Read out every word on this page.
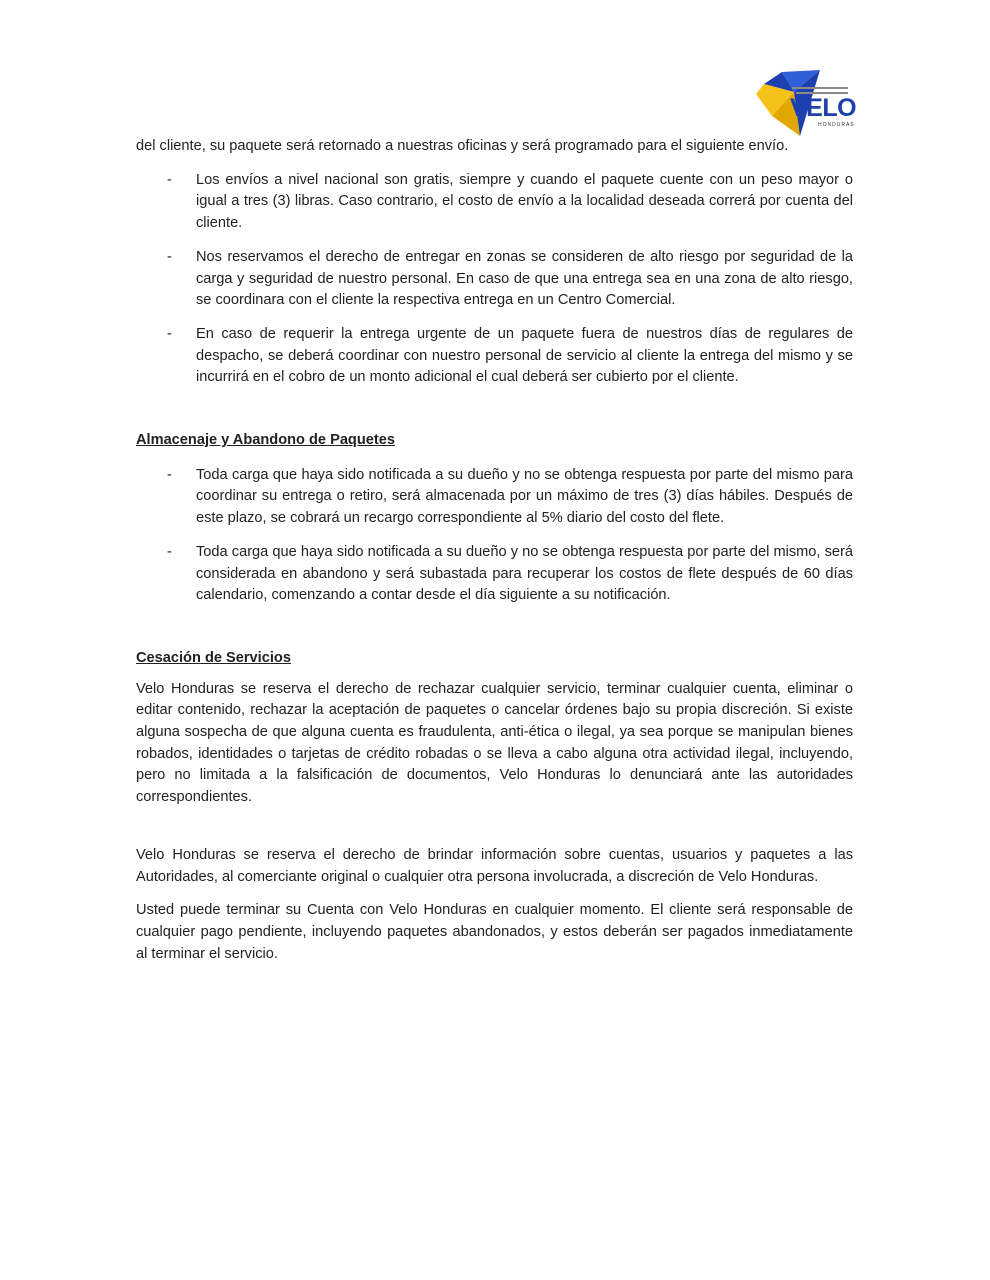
VELO
HONDURAS

del cliente, su paquete será retornado a nuestras oficinas y será programado para el siguiente envío.

- Los envíos a nivel nacional son gratis, siempre y cuando el paquete cuente con un peso mayor o igual a tres (3) libras. Caso contrario, el costo de envío a la localidad deseada correrá por cuenta del cliente.
- Nos reservamos el derecho de entregar en zonas se consideren de alto riesgo por seguridad de la carga y seguridad de nuestro personal. En caso de que una entrega sea en una zona de alto riesgo, se coordinara con el cliente la respectiva entrega en un Centro Comercial.
- En caso de requerir la entrega urgente de un paquete fuera de nuestros días de regulares de despacho, se deberá coordinar con nuestro personal de servicio al cliente la entrega del mismo y se incurrirá en el cobro de un monto adicional el cual deberá ser cubierto por el cliente.

Almacenaje y Abandono de Paquetes

- Toda carga que haya sido notificada a su dueño y no se obtenga respuesta por parte del mismo para coordinar su entrega o retiro, será almacenada por un máximo de tres (3) días hábiles. Después de este plazo, se cobrará un recargo correspondiente al 5% diario del costo del flete.
- Toda carga que haya sido notificada a su dueño y no se obtenga respuesta por parte del mismo, será considerada en abandono y será subastada para recuperar los costos de flete después de 60 días calendario, comenzando a contar desde el día siguiente a su notificación.

Cesación de Servicios

Velo Honduras se reserva el derecho de rechazar cualquier servicio, terminar cualquier cuenta, eliminar o editar contenido, rechazar la aceptación de paquetes o cancelar órdenes bajo su propia discreción. Si existe alguna sospecha de que alguna cuenta es fraudulenta, anti-ética o ilegal, ya sea porque se manipulan bienes robados, identidades o tarjetas de crédito robadas o se lleva a cabo alguna otra actividad ilegal, incluyendo, pero no limitada a la falsificación de documentos, Velo Honduras lo denunciará ante las autoridades correspondientes.

Velo Honduras se reserva el derecho de brindar información sobre cuentas, usuarios y paquetes a las Autoridades, al comerciante original o cualquier otra persona involucrada, a discreción de Velo Honduras.

Usted puede terminar su Cuenta con Velo Honduras en cualquier momento. El cliente será responsable de cualquier pago pendiente, incluyendo paquetes abandonados, y estos deberán ser pagados inmediatamente al terminar el servicio.
